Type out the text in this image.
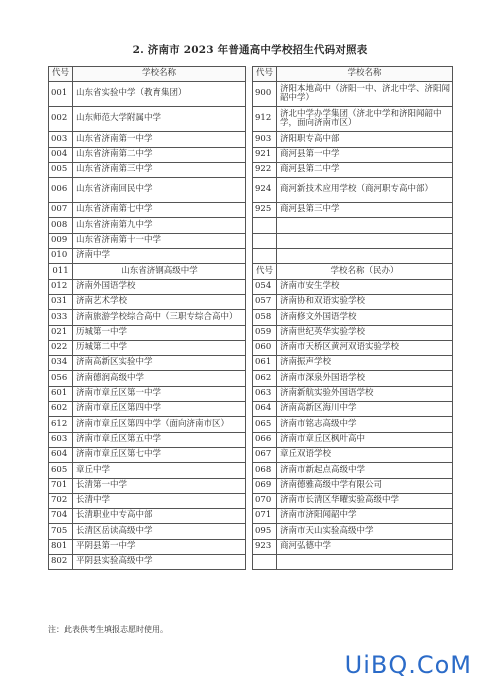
2. 济南市 2023 年普通高中学校招生代码对照表
代号	学校名称		代号	学校名称
001	山东省实验中学（教育集团）		900	济阳本地高中（济阳一中、济北中学、济阳闻韶中学）
002	山东师范大学附属中学		912	济北中学办学集团（济北中学和济阳闻韶中学，面向济南市区）
003	山东省济南第一中学		903	济阳职专高中部
004	山东省济南第二中学		921	商河县第一中学
005	山东省济南第三中学		922	商河县第二中学
006	山东省济南回民中学		924	商河新技术应用学校（商河职专高中部）
007	山东省济南第七中学		925	商河县第三中学
008	山东省济南第九中学			
009	山东省济南第十一中学			
010	济南中学			
011	山东省济钢高级中学		代号	学校名称（民办）
012	济南外国语学校		054	济南市安生学校
031	济南艺术学校		057	济南协和双语实验学校
033	济南旅游学校综合高中（三职专综合高中）		058	济南修文外国语学校
021	历城第一中学		059	济南世纪英华实验学校
022	历城第二中学		060	济南市天桥区黄河双语实验学校
034	济南高新区实验中学		061	济南振声学校
056	济南德润高级中学		062	济南市深泉外国语学校
601	济南市章丘区第一中学		063	济南新航实验外国语学校
602	济南市章丘区第四中学		064	济南高新区海川中学
612	济南市章丘区第四中学（面向济南市区）		065	济南市铭志高级中学
603	济南市章丘区第五中学		066	济南市章丘区枫叶高中
604	济南市章丘区第七中学		067	章丘双语学校
605	章丘中学		068	济南市新起点高级中学
701	长清第一中学		069	济南德雅高级中学有限公司
702	长清中学		070	济南市长清区华曜实验高级中学
704	长清职业中专高中部		071	济南市济阳闻韶中学
705	长清区岳读高级中学		095	济南市天山实验高级中学
801	平阴县第一中学		923	商河弘德中学
802	平阴县实验高级中学			
注：此表供考生填报志愿时使用。
UiBQ.CoM
